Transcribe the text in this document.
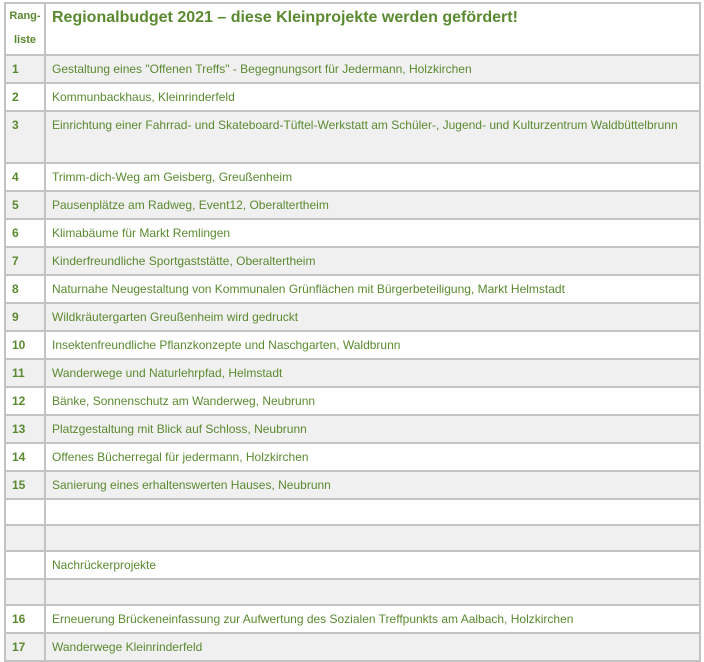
Rang-
liste	Regionalbudget 2021 – diese Kleinprojekte werden gefördert!
1	Gestaltung eines "Offenen Treffs" - Begegnungsort für Jedermann, Holzkirchen
2	Kommunbackhaus, Kleinrinderfeld
3	Einrichtung einer Fahrrad- und Skateboard-Tüftel-Werkstatt am Schüler-, Jugend- und Kulturzentrum Waldbüttelbrunn
4	Trimm-dich-Weg am Geisberg, Greußenheim
5	Pausenplätze am Radweg, Event12, Oberaltertheim
6	Klimabäume für Markt Remlingen
7	Kinderfreundliche Sportgaststätte, Oberaltertheim
8	Naturnahe Neugestaltung von Kommunalen Grünflächen mit Bürgerbeteiligung, Markt Helmstadt
9	Wildkräutergarten Greußenheim wird gedruckt
10	Insektenfreundliche Pflanzkonzepte und Naschgarten, Waldbrunn
11	Wanderwege und Naturlehrpfad, Helmstadt
12	Bänke, Sonnenschutz am Wanderweg, Neubrunn
13	Platzgestaltung mit Blick auf Schloss, Neubrunn
14	Offenes Bücherregal für jedermann, Holzkirchen
15	Sanierung eines erhaltenswerten Hauses, Neubrunn

	Nachrückerprojekte

16	Erneuerung Brückeneinfassung zur Aufwertung des Sozialen Treffpunkts am Aalbach, Holzkirchen
17	Wanderwege Kleinrinderfeld
